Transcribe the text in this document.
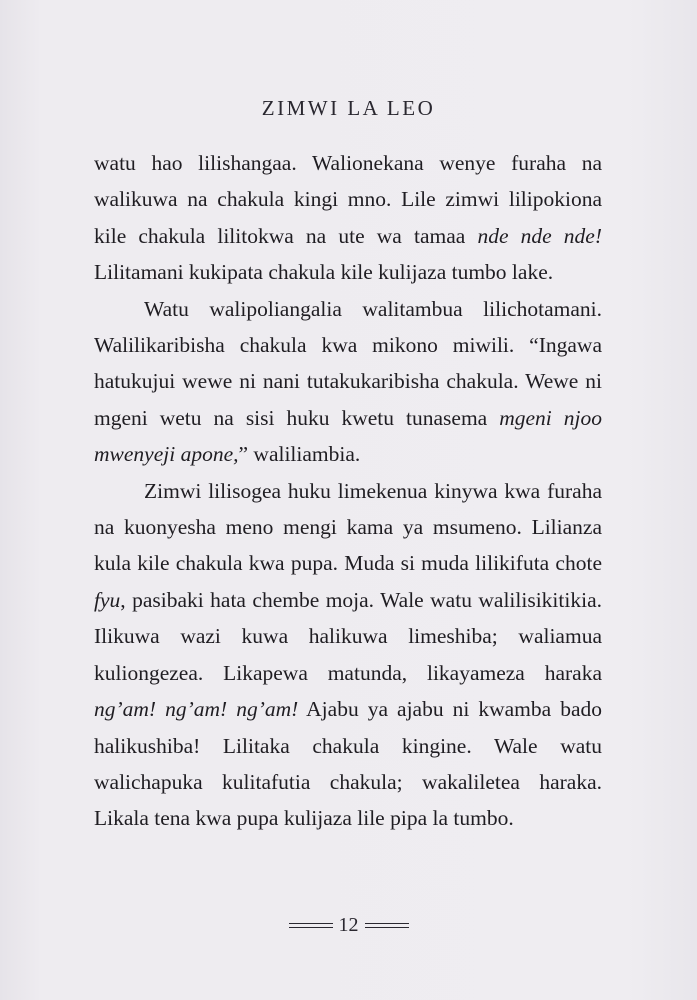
ZIMWI LA LEO

watu hao lilishangaa. Walionekana wenye furaha na walikuwa na chakula kingi mno. Lile zimwi lilipokiona kile chakula lilitokwa na ute wa tamaa nde nde nde! Lilitamani kukipata chakula kile kulijaza tumbo lake.

Watu walipoliangalia walitambua lilichotamani. Walilikaribisha chakula kwa mikono miwili. “Ingawa hatukujui wewe ni nani tutakukaribisha chakula. Wewe ni mgeni wetu na sisi huku kwetu tunasema mgeni njoo mwenyeji apone,” waliliambia.

Zimwi lilisogea huku limekenua kinywa kwa furaha na kuonyesha meno mengi kama ya msumeno. Lilianza kula kile chakula kwa pupa. Muda si muda lilikifuta chote fyu, pasibaki hata chembe moja. Wale watu walilisikitikia. Ilikuwa wazi kuwa halikuwa limeshiba; waliamua kuliongezea. Likapewa matunda, likayameza haraka ng’am! ng’am! ng’am! Ajabu ya ajabu ni kwamba bado halikushiba! Lilitaka chakula kingine. Wale watu walichapuka kulitafutia chakula; wakaliletea haraka. Likala tena kwa pupa kulijaza lile pipa la tumbo.

12
